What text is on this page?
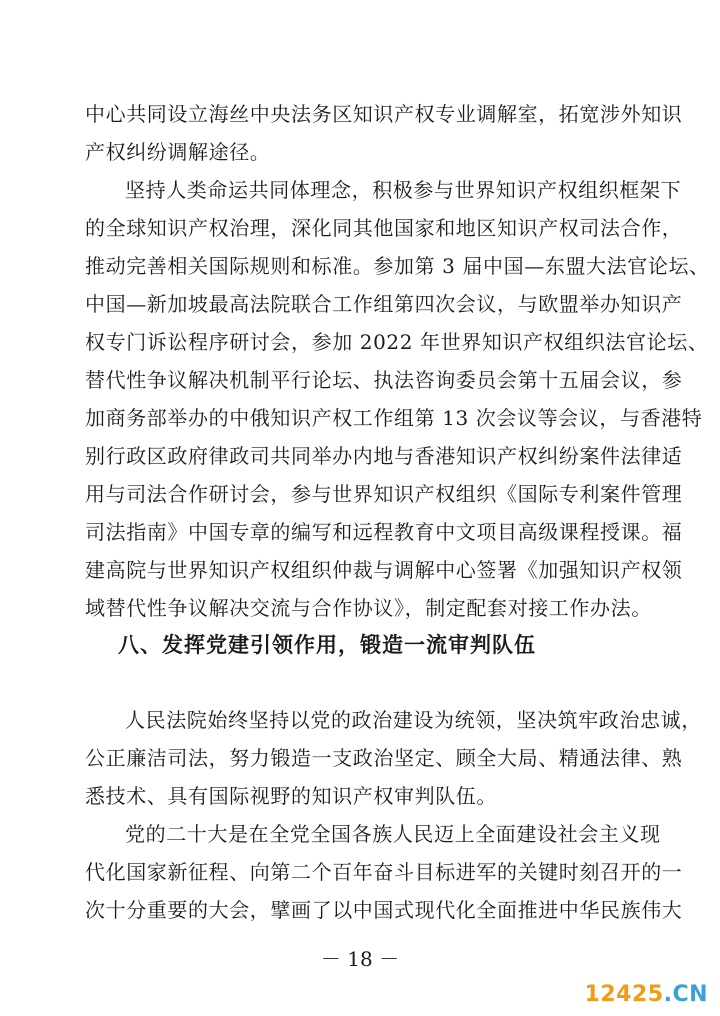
中心共同设立海丝中央法务区知识产权专业调解室，拓宽涉外知识
产权纠纷调解途径。
坚持人类命运共同体理念，积极参与世界知识产权组织框架下
的全球知识产权治理，深化同其他国家和地区知识产权司法合作，
推动完善相关国际规则和标准。参加第 3 届中国—东盟大法官论坛、
中国—新加坡最高法院联合工作组第四次会议，与欧盟举办知识产
权专门诉讼程序研讨会，参加 2022 年世界知识产权组织法官论坛、
替代性争议解决机制平行论坛、执法咨询委员会第十五届会议，参
加商务部举办的中俄知识产权工作组第 13 次会议等会议，与香港特
别行政区政府律政司共同举办内地与香港知识产权纠纷案件法律适
用与司法合作研讨会，参与世界知识产权组织《国际专利案件管理
司法指南》中国专章的编写和远程教育中文项目高级课程授课。福
建高院与世界知识产权组织仲裁与调解中心签署《加强知识产权领
域替代性争议解决交流与合作协议》，制定配套对接工作办法。
八、发挥党建引领作用，锻造一流审判队伍
人民法院始终坚持以党的政治建设为统领，坚决筑牢政治忠诚，
公正廉洁司法，努力锻造一支政治坚定、顾全大局、精通法律、熟
悉技术、具有国际视野的知识产权审判队伍。
党的二十大是在全党全国各族人民迈上全面建设社会主义现
代化国家新征程、向第二个百年奋斗目标进军的关键时刻召开的一
次十分重要的大会，擘画了以中国式现代化全面推进中华民族伟大
－ 18 －
12425.CN
